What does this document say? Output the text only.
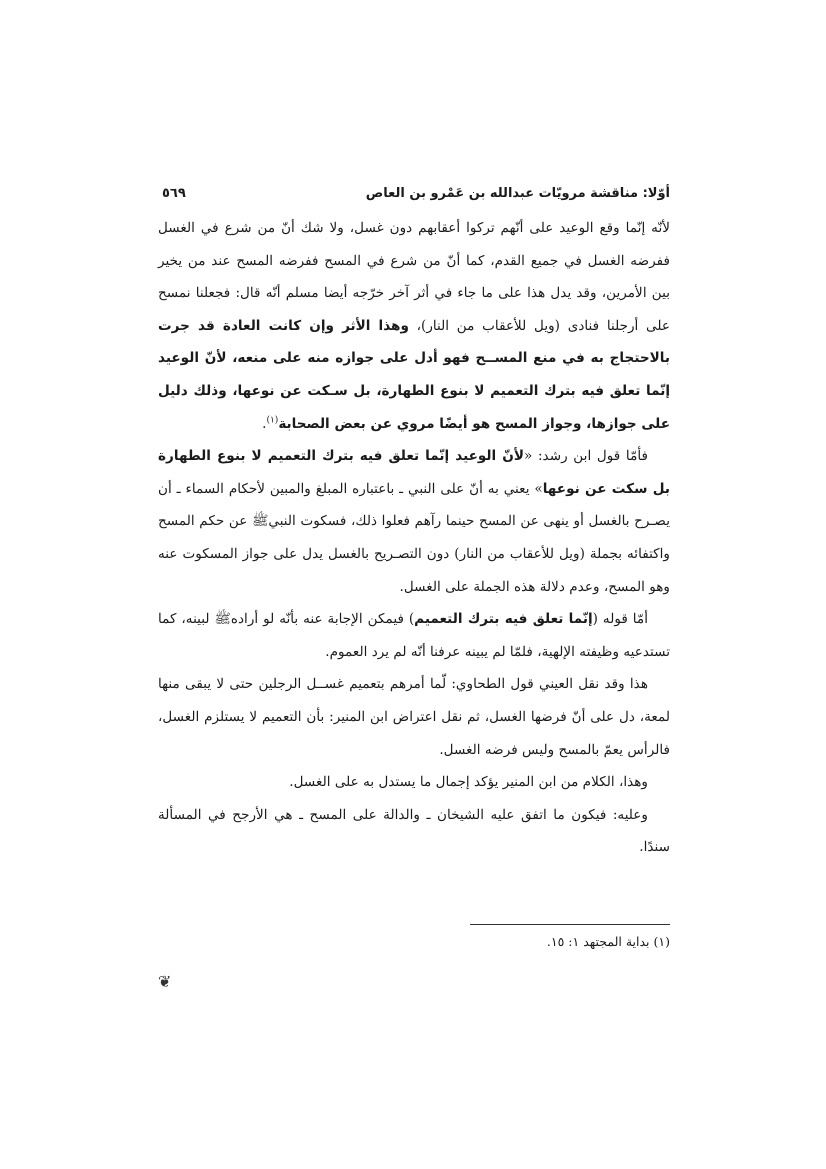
أوّلا: مناقشة مرويّات عبدالله بن عَمْرو بن العاص
٥٦٩

لأنّه إنّما وقع الوعيد على أنّهم تركوا أعقابهم دون غسل، ولا شك أنّ من شرع في الغسل ففرضه الغسل في جميع القدم، كما أنّ من شرع في المسح ففرضه المسح عند من يخير بين الأمرين، وقد يدل هذا على ما جاء في أثر آخر خرّجه أيضا مسلم أنّه قال: فجعلنا نمسح على أرجلنا فنادى (ويل للأعقاب من النار)، وهذا الأثر وإن كانت العادة قد جرت بالاحتجاج به في منع المســح فهو أدل على جوازه منه على منعه، لأنّ الوعيد إنّما تعلق فيه بترك التعميم لا بنوع الطهارة، بل سـكت عن نوعها، وذلك دليل على جوازها، وجواز المسح هو أيضًا مروي عن بعض الصحابة$^{(١)}$.

فأمّا قول ابن رشد: «لأنّ الوعيد إنّما تعلق فيه بترك التعميم لا بنوع الطهارة بل سكت عن نوعها» يعني به أنّ على النبي ـ باعتباره المبلغ والمبين لأحكام السماء ـ أن يصـرح بالغسل أو ينهى عن المسح حينما رآهم فعلوا ذلك، فسكوت النبيﷺ عن حكم المسح واكتفائه بجملة (ويل للأعقاب من النار) دون التصـريح بالغسل يدل على جواز المسكوت عنه وهو المسح، وعدم دلالة هذه الجملة على الغسل.

أمّا قوله (إنّما تعلق فيه بترك التعميم) فيمكن الإجابة عنه بأنّه لو أرادهﷺ لبينه، كما تستدعيه وظيفته الإلهية، فلمّا لم يبينه عرفنا أنّه لم يرد العموم.

هذا وقد نقل العيني قول الطحاوي: لّما أمرهم بتعميم غســل الرجلين حتى لا يبقى منها لمعة، دل على أنّ فرضها الغسل، ثم نقل اعتراض ابن المنير: بأن التعميم لا يستلزم الغسل، فالرأس يعمّ بالمسح وليس فرضه الغسل.

وهذا، الكلام من ابن المنير يؤكد إجمال ما يستدل به على الغسل.

وعليه: فيكون ما اتفق عليه الشيخان ـ والدالة على المسح ـ هي الأرجح في المسألة سندًا.

(١) بداية المجتهد ١: ١٥.
❦
